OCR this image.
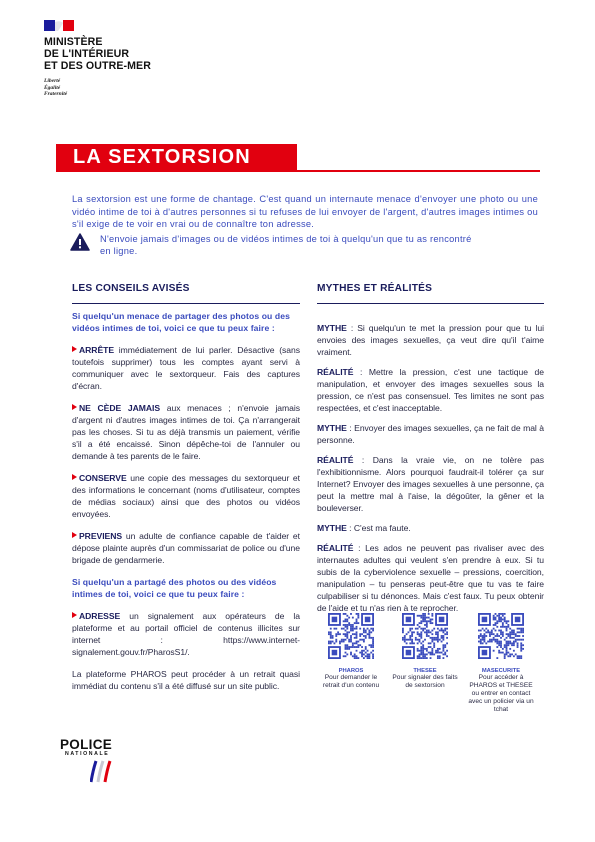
MINISTÈRE
DE L'INTÉRIEUR
ET DES OUTRE-MER
Liberté
Égalité
Fraternité
LA SEXTORSION
La sextorsion est une forme de chantage. C'est quand un internaute menace d'envoyer une photo ou une vidéo intime de toi à d'autres personnes si tu refuses de lui envoyer de l'argent, d'autres images intimes ou s'il exige de te voir en vrai ou de connaître ton adresse.
N'envoie jamais d'images ou de vidéos intimes de toi à quelqu'un que tu as rencontré en ligne.
LES CONSEILS AVISÉS
Si quelqu'un menace de partager des photos ou des vidéos intimes de toi, voici ce que tu peux faire :
ARRÊTE immédiatement de lui parler. Désactive (sans toutefois supprimer) tous les comptes ayant servi à communiquer avec le sextorqueur. Fais des captures d'écran.
NE CÈDE JAMAIS aux menaces ; n'envoie jamais d'argent ni d'autres images intimes de toi. Ça n'arrangerait pas les choses. Si tu as déjà transmis un paiement, vérifie s'il a été encaissé. Sinon dépêche-toi de l'annuler ou demande à tes parents de le faire.
CONSERVE une copie des messages du sextorqueur et des informations le concernant (noms d'utilisateur, comptes de médias sociaux) ainsi que des photos ou vidéos envoyées.
PREVIENS un adulte de confiance capable de t'aider et dépose plainte auprès d'un commissariat de police ou d'une brigade de gendarmerie.
Si quelqu'un a partagé des photos ou des vidéos intimes de toi, voici ce que tu peux faire :
ADRESSE un signalement aux opérateurs de la plateforme et au portail officiel de contenus illicites sur internet : https://www.internet-signalement.gouv.fr/PharosS1/.
La plateforme PHAROS peut procéder à un retrait quasi immédiat du contenu s'il a été diffusé sur un site public.
MYTHES ET RÉALITÉS
MYTHE : Si quelqu'un te met la pression pour que tu lui envoies des images sexuelles, ça veut dire qu'il t'aime vraiment.
RÉALITÉ : Mettre la pression, c'est une tactique de manipulation, et envoyer des images sexuelles sous la pression, ce n'est pas consensuel. Tes limites ne sont pas respectées, et c'est inacceptable.
MYTHE : Envoyer des images sexuelles, ça ne fait de mal à personne.
RÉALITÉ : Dans la vraie vie, on ne tolère pas l'exhibitionnisme. Alors pourquoi faudrait-il tolérer ça sur Internet? Envoyer des images sexuelles à une personne, ça peut la mettre mal à l'aise, la dégoûter, la gêner et la bouleverser.
MYTHE : C'est ma faute.
RÉALITÉ : Les ados ne peuvent pas rivaliser avec des internautes adultes qui veulent s'en prendre à eux. Si tu subis de la cyberviolence sexuelle – pressions, coercition, manipulation – tu penseras peut-être que tu vas te faire culpabiliser si tu dénonces. Mais c'est faux. Tu peux obtenir de l'aide et tu n'as rien à te reprocher.
PHAROS
Pour demander le retrait d'un contenu
THESEE
Pour signaler des faits de sextorsion
MASECURITE
Pour accéder à PHAROS et THESEE ou entrer en contact avec un policier via un tchat
POLICE
NATIONALE
